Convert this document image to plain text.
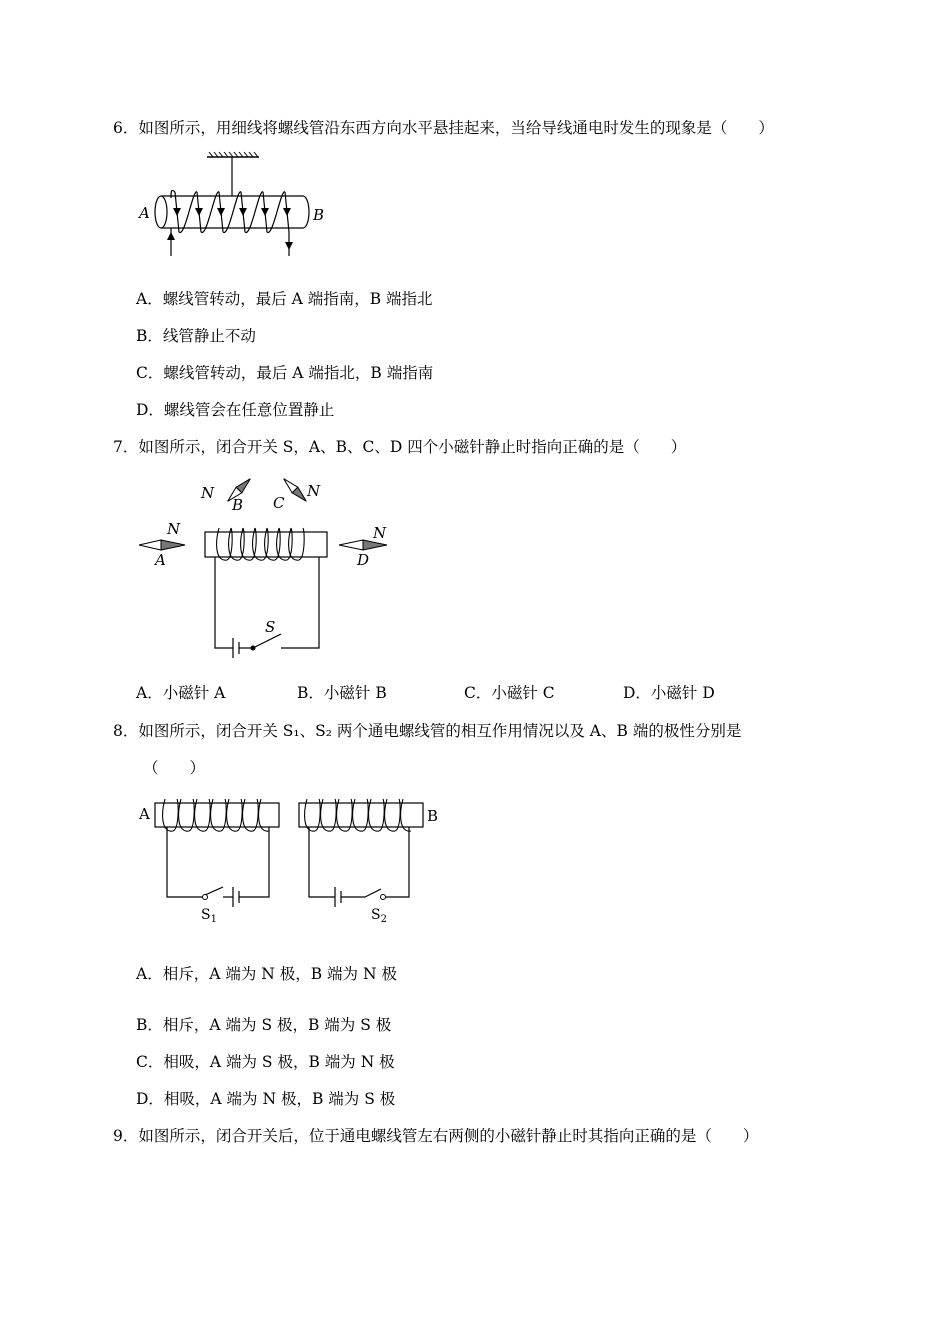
6．如图所示，用细线将螺线管沿东西方向水平悬挂起来，当给导线通电时发生的现象是（　　）
A	B
A．螺线管转动，最后 A 端指南，B 端指北
B．线管静止不动
C．螺线管转动，最后 A 端指北，B 端指南
D．螺线管会在任意位置静止
7．如图所示，闭合开关 S，A、B、C、D 四个小磁针静止时指向正确的是（　　）
N
B C
N
N
A
N
D
S
A．小磁针 A	B．小磁针 B	C．小磁针 C	D．小磁针 D
8．如图所示，闭合开关 S₁、S₂ 两个通电螺线管的相互作用情况以及 A、B 端的极性分别是
（　　）
A
$S_1$
B
$S_2$
A．相斥，A 端为 N 极，B 端为 N 极
B．相斥，A 端为 S 极，B 端为 S 极
C．相吸，A 端为 S 极，B 端为 N 极
D．相吸，A 端为 N 极，B 端为 S 极
9．如图所示，闭合开关后，位于通电螺线管左右两侧的小磁针静止时其指向正确的是（　　）
